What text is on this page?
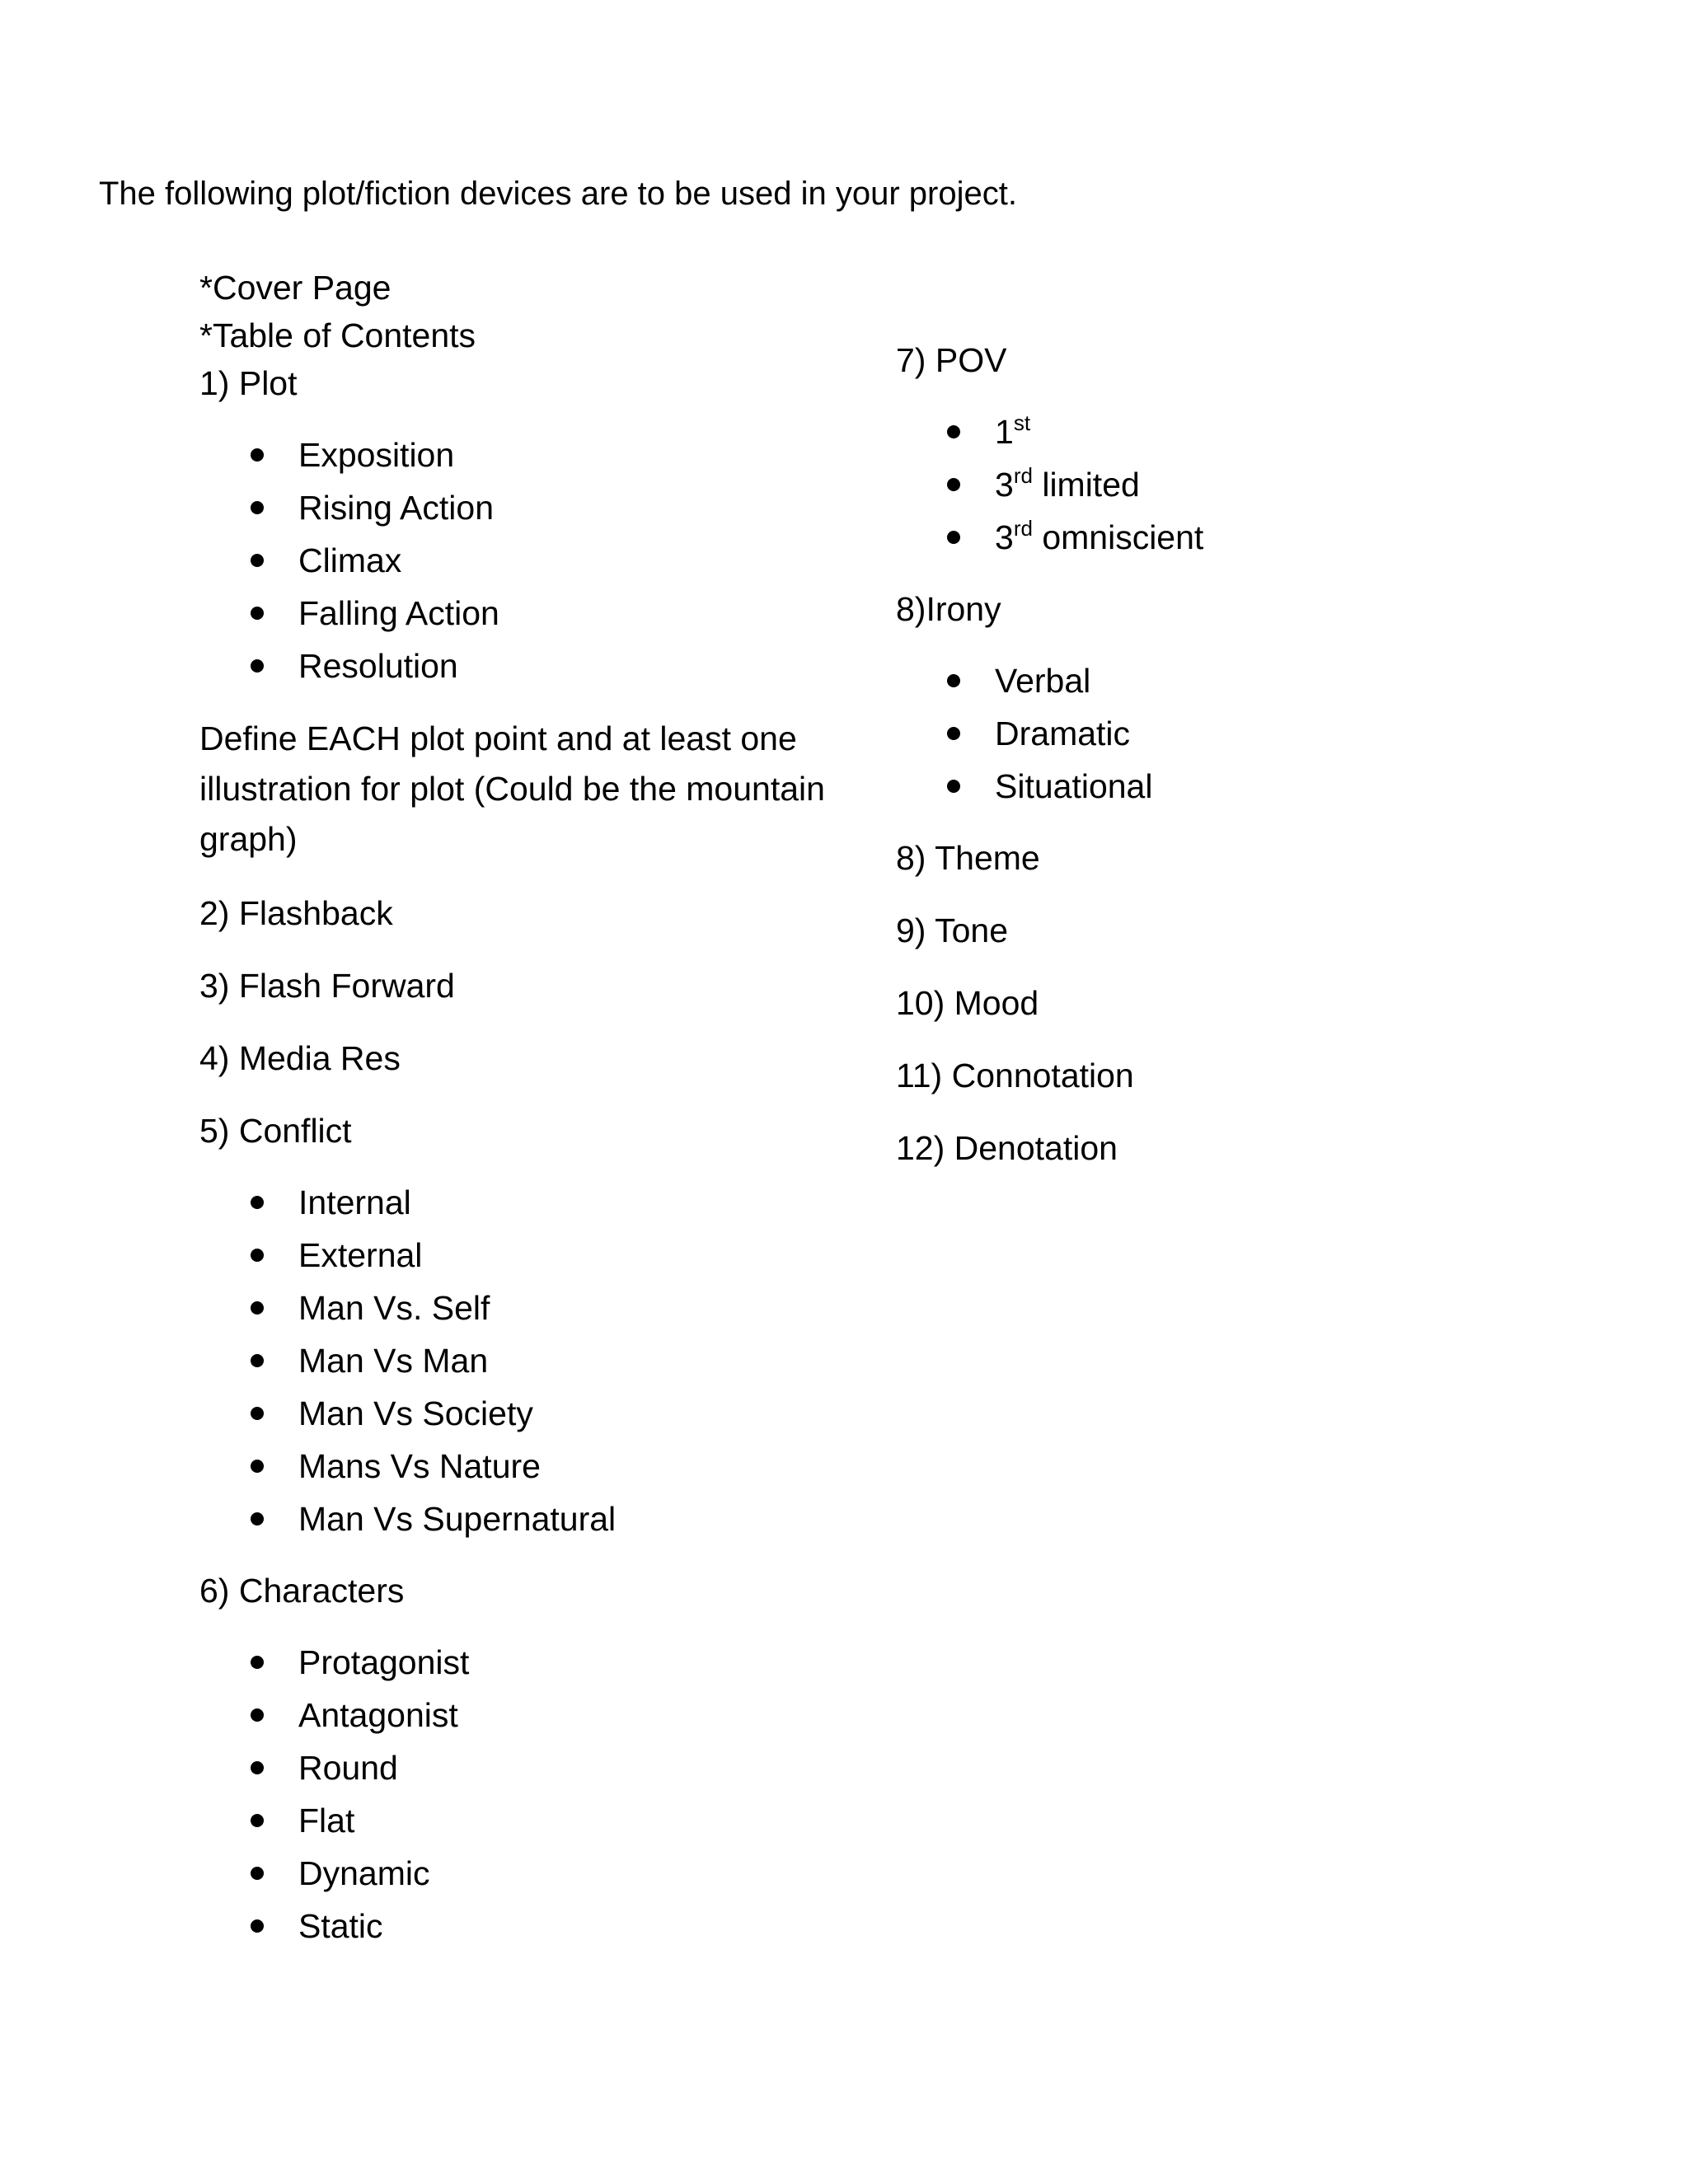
The following plot/fiction devices are to be used in your project.

*Cover Page

*Table of Contents

1) Plot

Exposition
Rising Action
Climax
Falling Action
Resolution

Define EACH plot point and at least one illustration for plot (Could be the mountain graph)

2) Flashback

3) Flash Forward

4) Media Res

5) Conflict

Internal
External
Man Vs. Self
Man Vs Man
Man Vs Society
Mans Vs Nature
Man Vs Supernatural

6) Characters

Protagonist
Antagonist
Round
Flat
Dynamic
Static

7) POV

1st
3rd limited
3rd omniscient

8)Irony

Verbal
Dramatic
Situational

8) Theme

9) Tone

10) Mood

11) Connotation

12) Denotation
